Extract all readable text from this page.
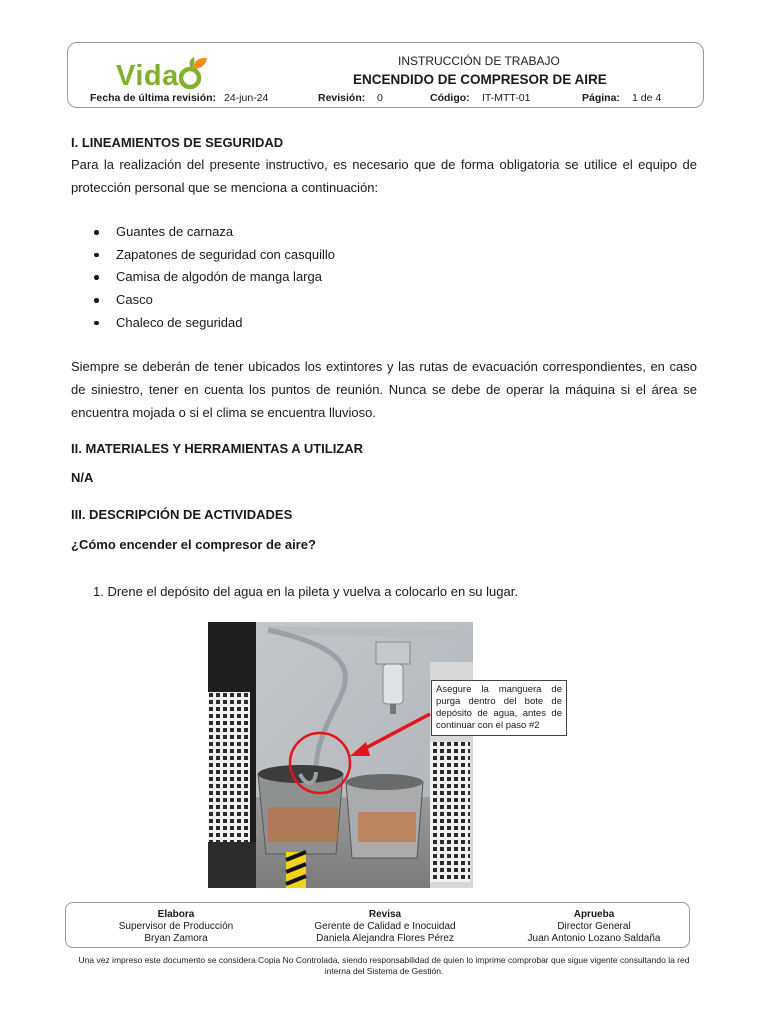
Vida	INSTRUCCIÓN DE TRABAJO
ENCENDIDO DE COMPRESOR DE AIRE
Fecha de última revisión: 24-jun-24	Revisión: 0	Código: IT-MTT-01	Página: 1 de 4
I. LINEAMIENTOS DE SEGURIDAD
Para la realización del presente instructivo, es necesario que de forma obligatoria se utilice el equipo de protección personal que se menciona a continuación:
Guantes de carnaza
Zapatones de seguridad con casquillo
Camisa de algodón de manga larga
Casco
Chaleco de seguridad
Siempre se deberán de tener ubicados los extintores y las rutas de evacuación correspondientes, en caso de siniestro, tener en cuenta los puntos de reunión. Nunca se debe de operar la máquina si el área se encuentra mojada o si el clima se encuentra lluvioso.
II. MATERIALES Y HERRAMIENTAS A UTILIZAR
N/A
III. DESCRIPCIÓN DE ACTIVIDADES
¿Cómo encender el compresor de aire?
1. Drene el depósito del agua en la pileta y vuelva a colocarlo en su lugar.
Asegure la manguera de purga dentro del bote de depósito de agua, antes de continuar con el paso #2
Elabora
Supervisor de Producción
Bryan Zamora
Revisa
Gerente de Calidad e Inocuidad
Daniela Alejandra Flores Pérez
Aprueba
Director General
Juan Antonio Lozano Saldaña
Una vez impreso este documento se considera Copia No Controlada, siendo responsabilidad de quien lo imprime comprobar que sigue vigente consultando la red interna del Sistema de Gestión.
